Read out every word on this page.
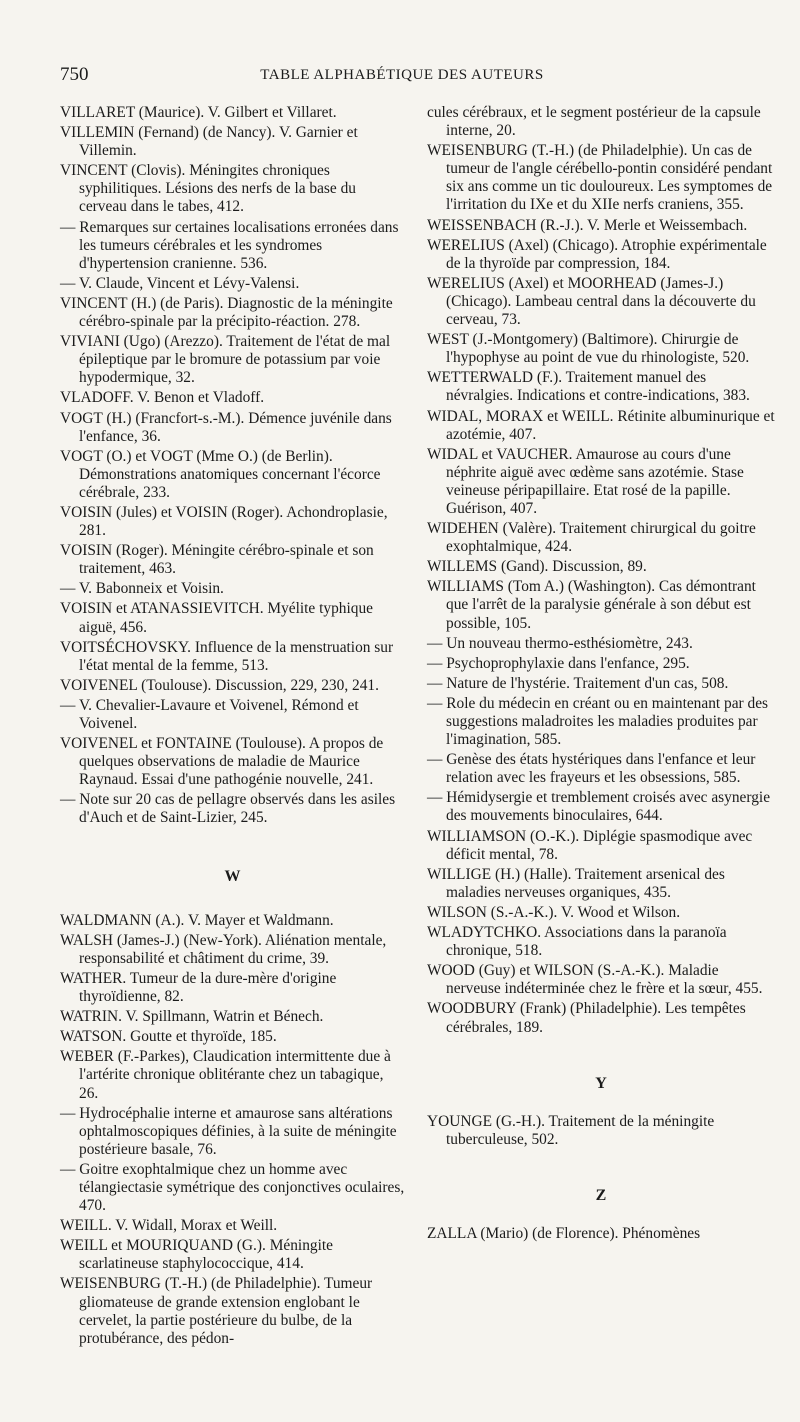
750	TABLE ALPHABÉTIQUE DES AUTEURS
VILLARET (Maurice). V. Gilbert et Villaret.
VILLEMIN (Fernand) (de Nancy). V. Garnier et Villemin.
VINCENT (Clovis). Méningites chroniques syphilitiques. Lésions des nerfs de la base du cerveau dans le tabes, 412.
— Remarques sur certaines localisations erronées dans les tumeurs cérébrales et les syndromes d'hypertension cranienne. 536.
— V. Claude, Vincent et Lévy-Valensi.
VINCENT (H.) (de Paris). Diagnostic de la méningite cérébro-spinale par la précipito-réaction. 278.
VIVIANI (Ugo) (Arezzo). Traitement de l'état de mal épileptique par le bromure de potassium par voie hypodermique, 32.
VLADOFF. V. Benon et Vladoff.
VOGT (H.) (Francfort-s.-M.). Démence juvénile dans l'enfance, 36.
VOGT (O.) et VOGT (Mme O.) (de Berlin). Démonstrations anatomiques concernant l'écorce cérébrale, 233.
VOISIN (Jules) et VOISIN (Roger). Achondroplasie, 281.
VOISIN (Roger). Méningite cérébro-spinale et son traitement, 463.
— V. Babonneix et Voisin.
VOISIN et ATANASSIEVITCH. Myélite typhique aiguë, 456.
VOITSÉCHOVSKY. Influence de la menstruation sur l'état mental de la femme, 513.
VOIVENEL (Toulouse). Discussion, 229, 230, 241.
— V. Chevalier-Lavaure et Voivenel, Rémond et Voivenel.
VOIVENEL et FONTAINE (Toulouse). A propos de quelques observations de maladie de Maurice Raynaud. Essai d'une pathogénie nouvelle, 241.
— Note sur 20 cas de pellagre observés dans les asiles d'Auch et de Saint-Lizier, 245.
W
WALDMANN (A.). V. Mayer et Waldmann.
WALSH (James-J.) (New-York). Aliénation mentale, responsabilité et châtiment du crime, 39.
WATHER. Tumeur de la dure-mère d'origine thyroïdienne, 82.
WATRIN. V. Spillmann, Watrin et Bénech.
WATSON. Goutte et thyroïde, 185.
WEBER (F.-Parkes), Claudication intermittente due à l'artérite chronique oblitérante chez un tabagique, 26.
— Hydrocéphalie interne et amaurose sans altérations ophtalmoscopiques définies, à la suite de méningite postérieure basale, 76.
— Goitre exophtalmique chez un homme avec télangiectasie symétrique des conjonctives oculaires, 470.
WEILL. V. Widall, Morax et Weill.
WEILL et MOURIQUAND (G.). Méningite scarlatineuse staphylococcique, 414.
WEISENBURG (T.-H.) (de Philadelphie). Tumeur gliomateuse de grande extension englobant le cervelet, la partie postérieure du bulbe, de la protubérance, des pédon-
cules cérébraux, et le segment postérieur de la capsule interne, 20.
WEISENBURG (T.-H.) (de Philadelphie). Un cas de tumeur de l'angle cérébello-pontin considéré pendant six ans comme un tic douloureux. Les symptomes de l'irritation du IXe et du XIIe nerfs craniens, 355.
WEISSENBACH (R.-J.). V. Merle et Weissembach.
WERELIUS (Axel) (Chicago). Atrophie expérimentale de la thyroïde par compression, 184.
WERELIUS (Axel) et MOORHEAD (James-J.) (Chicago). Lambeau central dans la découverte du cerveau, 73.
WEST (J.-Montgomery) (Baltimore). Chirurgie de l'hypophyse au point de vue du rhinologiste, 520.
WETTERWALD (F.). Traitement manuel des névralgies. Indications et contre-indications, 383.
WIDAL, MORAX et WEILL. Rétinite albuminurique et azotémie, 407.
WIDAL et VAUCHER. Amaurose au cours d'une néphrite aiguë avec œdème sans azotémie. Stase veineuse péripapillaire. Etat rosé de la papille. Guérison, 407.
WIDEHEN (Valère). Traitement chirurgical du goitre exophtalmique, 424.
WILLEMS (Gand). Discussion, 89.
WILLIAMS (Tom A.) (Washington). Cas démontrant que l'arrêt de la paralysie générale à son début est possible, 105.
— Un nouveau thermo-esthésiomètre, 243.
— Psychoprophylaxie dans l'enfance, 295.
— Nature de l'hystérie. Traitement d'un cas, 508.
— Role du médecin en créant ou en maintenant par des suggestions maladroites les maladies produites par l'imagination, 585.
— Genèse des états hystériques dans l'enfance et leur relation avec les frayeurs et les obsessions, 585.
— Hémidysergie et tremblement croisés avec asynergie des mouvements binoculaires, 644.
WILLIAMSON (O.-K.). Diplégie spasmodique avec déficit mental, 78.
WILLIGE (H.) (Halle). Traitement arsenical des maladies nerveuses organiques, 435.
WILSON (S.-A.-K.). V. Wood et Wilson.
WLADYTCHKO. Associations dans la paranoïa chronique, 518.
WOOD (Guy) et WILSON (S.-A.-K.). Maladie nerveuse indéterminée chez le frère et la sœur, 455.
WOODBURY (Frank) (Philadelphie). Les tempêtes cérébrales, 189.
Y
YOUNGE (G.-H.). Traitement de la méningite tuberculeuse, 502.
Z
ZALLA (Mario) (de Florence). Phénomènes
